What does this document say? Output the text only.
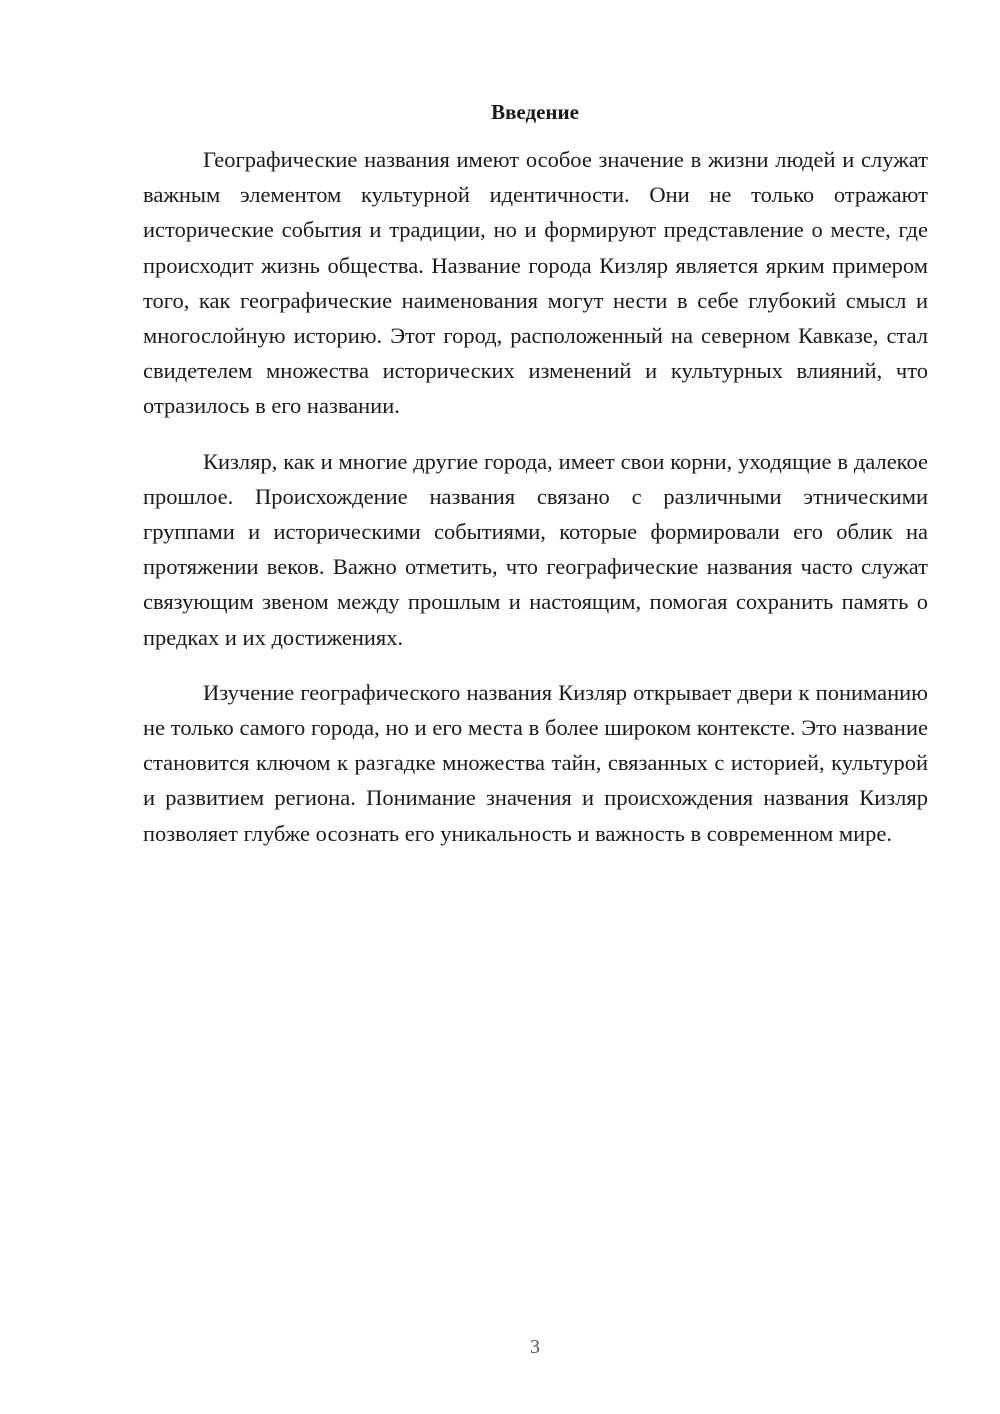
Введение

Географические названия имеют особое значение в жизни людей и служат важным элементом культурной идентичности. Они не только отражают исторические события и традиции, но и формируют представление о месте, где происходит жизнь общества. Название города Кизляр является ярким примером того, как географические наименования могут нести в себе глубокий смысл и многослойную историю. Этот город, расположенный на северном Кавказе, стал свидетелем множества исторических изменений и культурных влияний, что отразилось в его названии.

Кизляр, как и многие другие города, имеет свои корни, уходящие в далекое прошлое. Происхождение названия связано с различными этническими группами и историческими событиями, которые формировали его облик на протяжении веков. Важно отметить, что географические названия часто служат связующим звеном между прошлым и настоящим, помогая сохранить память о предках и их достижениях.

Изучение географического названия Кизляр открывает двери к пониманию не только самого города, но и его места в более широком контексте. Это название становится ключом к разгадке множества тайн, связанных с историей, культурой и развитием региона. Понимание значения и происхождения названия Кизляр позволяет глубже осознать его уникальность и важность в современном мире.

3
